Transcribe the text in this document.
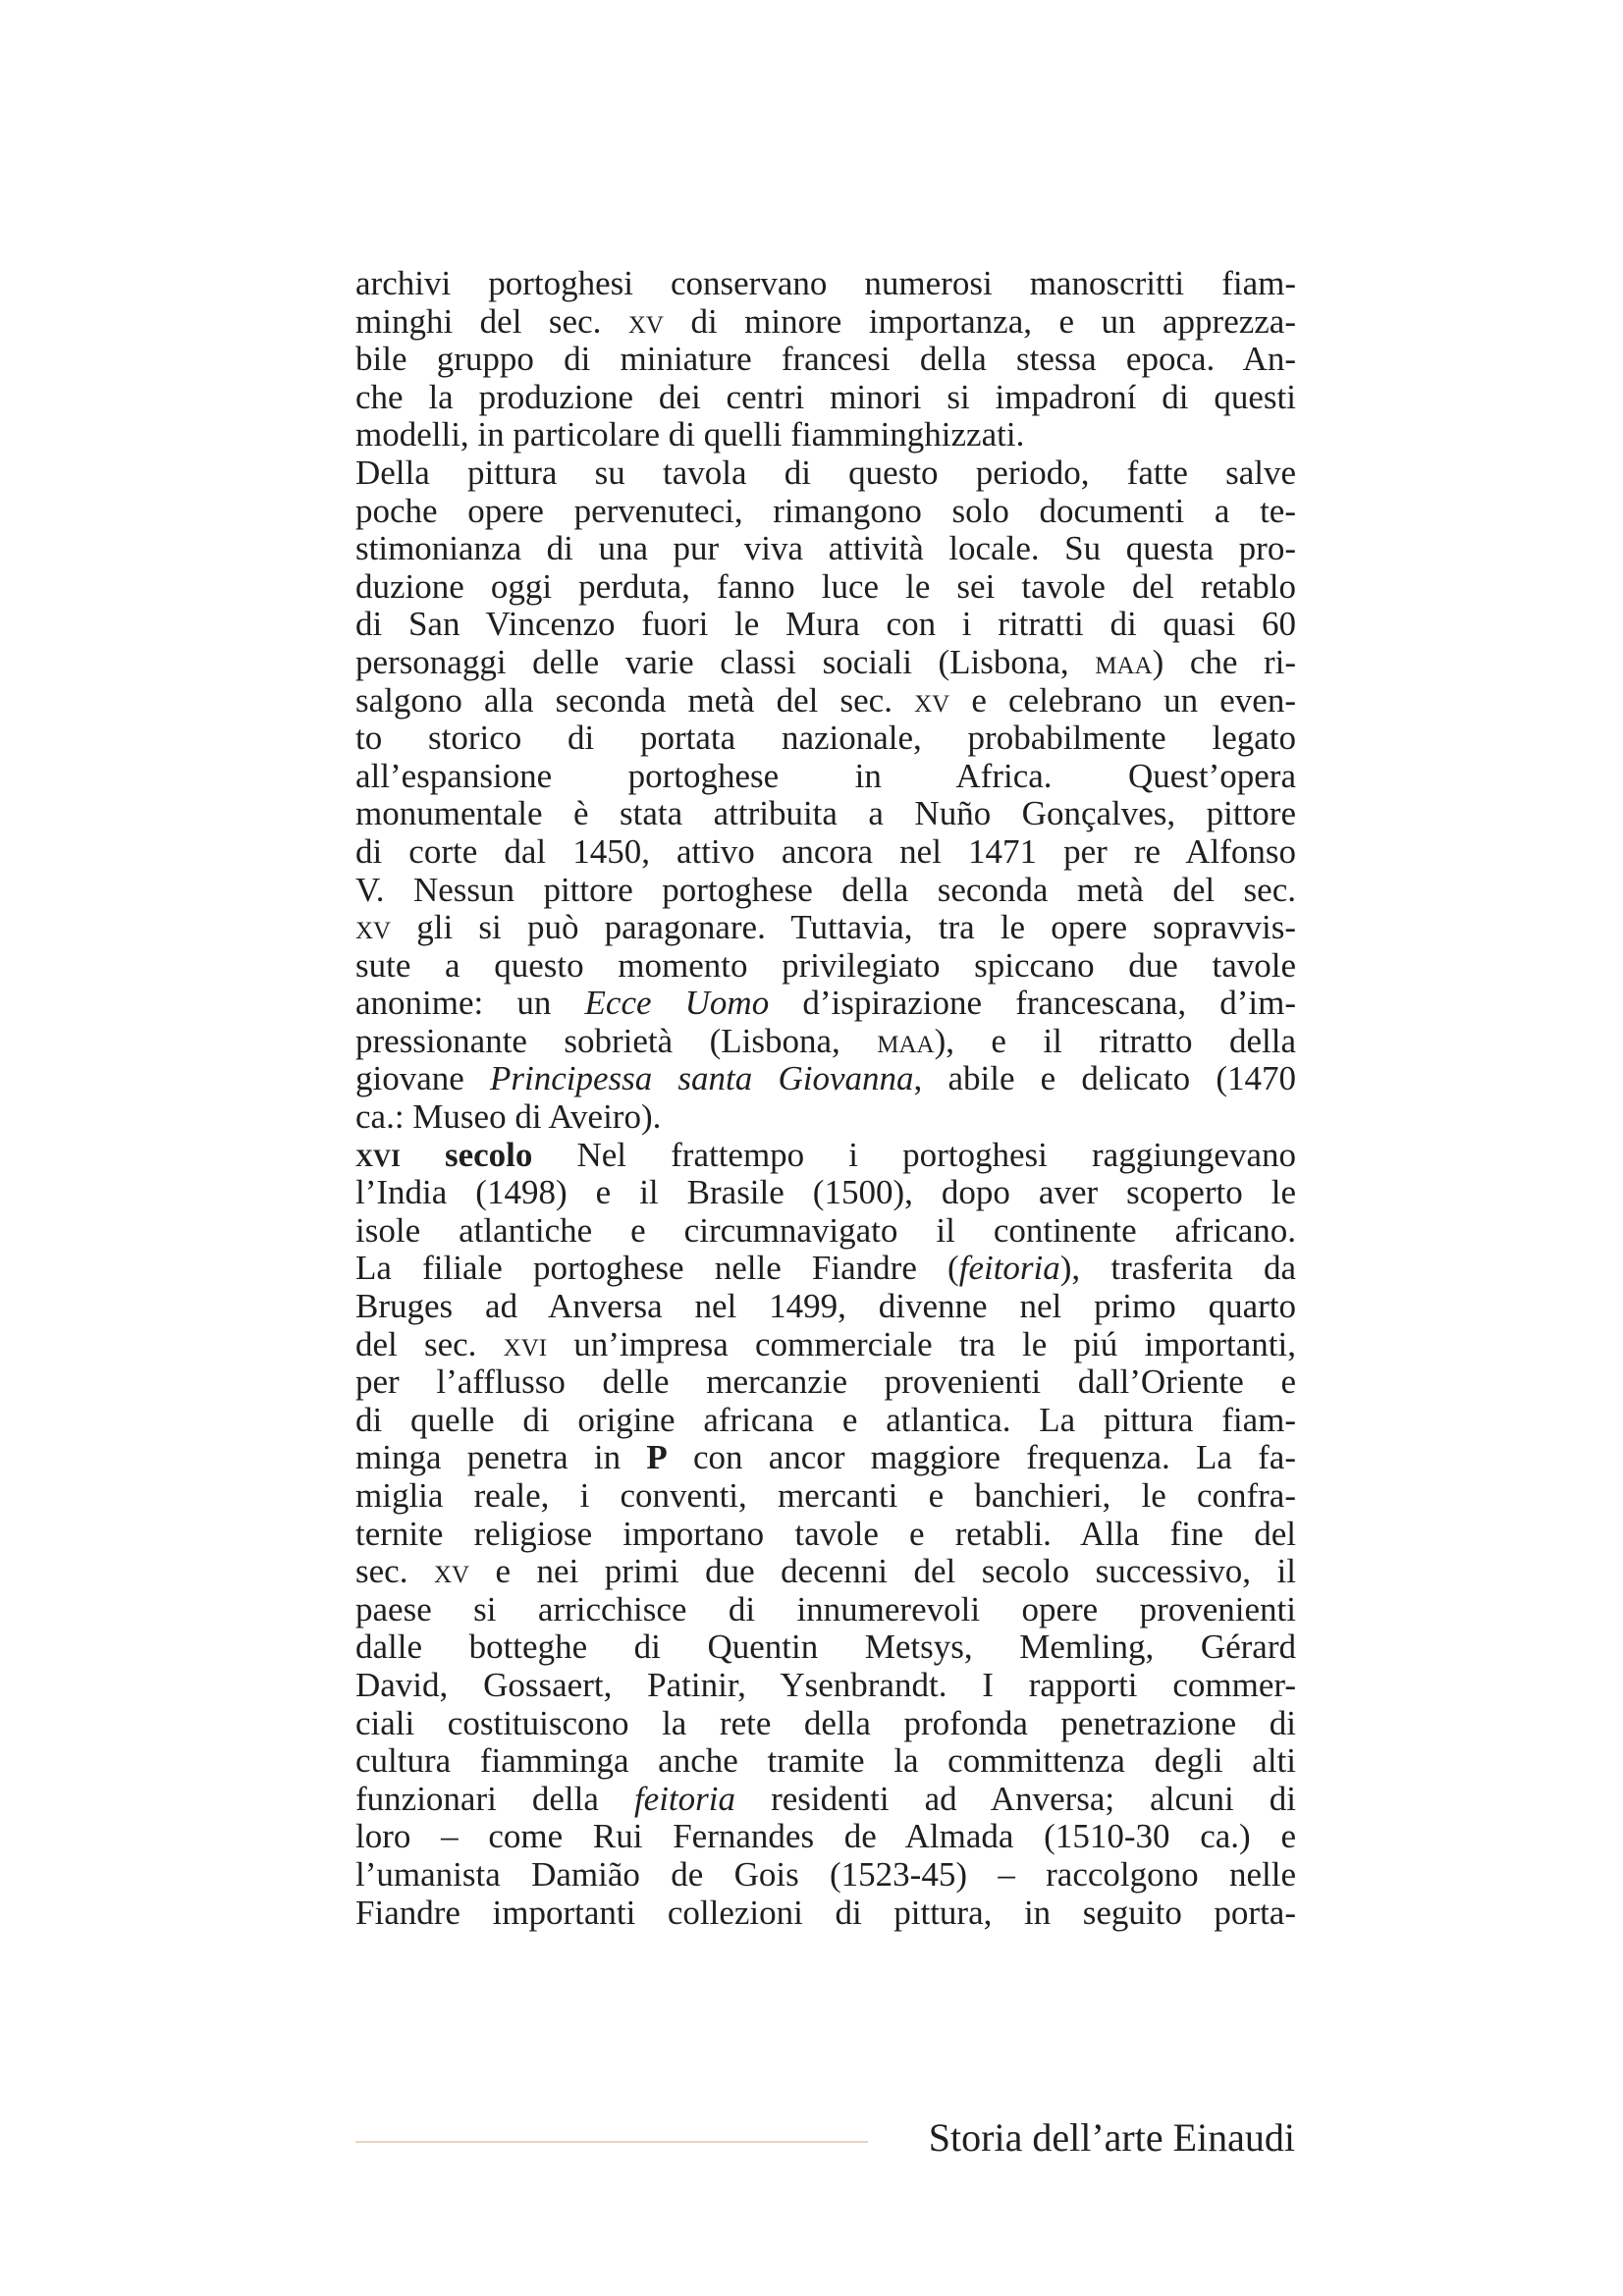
archivi portoghesi conservano numerosi manoscritti fiam-
minghi del sec. xv di minore importanza, e un apprezza-
bile gruppo di miniature francesi della stessa epoca. An-
che la produzione dei centri minori si impadroní di questi
modelli, in particolare di quelli fiamminghizzati.
Della pittura su tavola di questo periodo, fatte salve
poche opere pervenuteci, rimangono solo documenti a te-
stimonianza di una pur viva attività locale. Su questa pro-
duzione oggi perduta, fanno luce le sei tavole del retablo
di San Vincenzo fuori le Mura con i ritratti di quasi 60
personaggi delle varie classi sociali (Lisbona, maa) che ri-
salgono alla seconda metà del sec. xv e celebrano un even-
to storico di portata nazionale, probabilmente legato
all’espansione portoghese in Africa. Quest’opera
monumentale è stata attribuita a Nuño Gonçalves, pittore
di corte dal 1450, attivo ancora nel 1471 per re Alfonso
V. Nessun pittore portoghese della seconda metà del sec.
xv gli si può paragonare. Tuttavia, tra le opere sopravvis-
sute a questo momento privilegiato spiccano due tavole
anonime: un Ecce Uomo d’ispirazione francescana, d’im-
pressionante sobrietà (Lisbona, maa), e il ritratto della
giovane Principessa santa Giovanna, abile e delicato (1470
ca.: Museo di Aveiro).
xvi secolo Nel frattempo i portoghesi raggiungevano
l’India (1498) e il Brasile (1500), dopo aver scoperto le
isole atlantiche e circumnavigato il continente africano.
La filiale portoghese nelle Fiandre (feitoria), trasferita da
Bruges ad Anversa nel 1499, divenne nel primo quarto
del sec. xvi un’impresa commerciale tra le piú importanti,
per l’afflusso delle mercanzie provenienti dall’Oriente e
di quelle di origine africana e atlantica. La pittura fiam-
minga penetra in P con ancor maggiore frequenza. La fa-
miglia reale, i conventi, mercanti e banchieri, le confra-
ternite religiose importano tavole e retabli. Alla fine del
sec. xv e nei primi due decenni del secolo successivo, il
paese si arricchisce di innumerevoli opere provenienti
dalle botteghe di Quentin Metsys, Memling, Gérard
David, Gossaert, Patinir, Ysenbrandt. I rapporti commer-
ciali costituiscono la rete della profonda penetrazione di
cultura fiamminga anche tramite la committenza degli alti
funzionari della feitoria residenti ad Anversa; alcuni di
loro – come Rui Fernandes de Almada (1510-30 ca.) e
l’umanista Damião de Gois (1523-45) – raccolgono nelle
Fiandre importanti collezioni di pittura, in seguito porta-
Storia dell’arte Einaudi
